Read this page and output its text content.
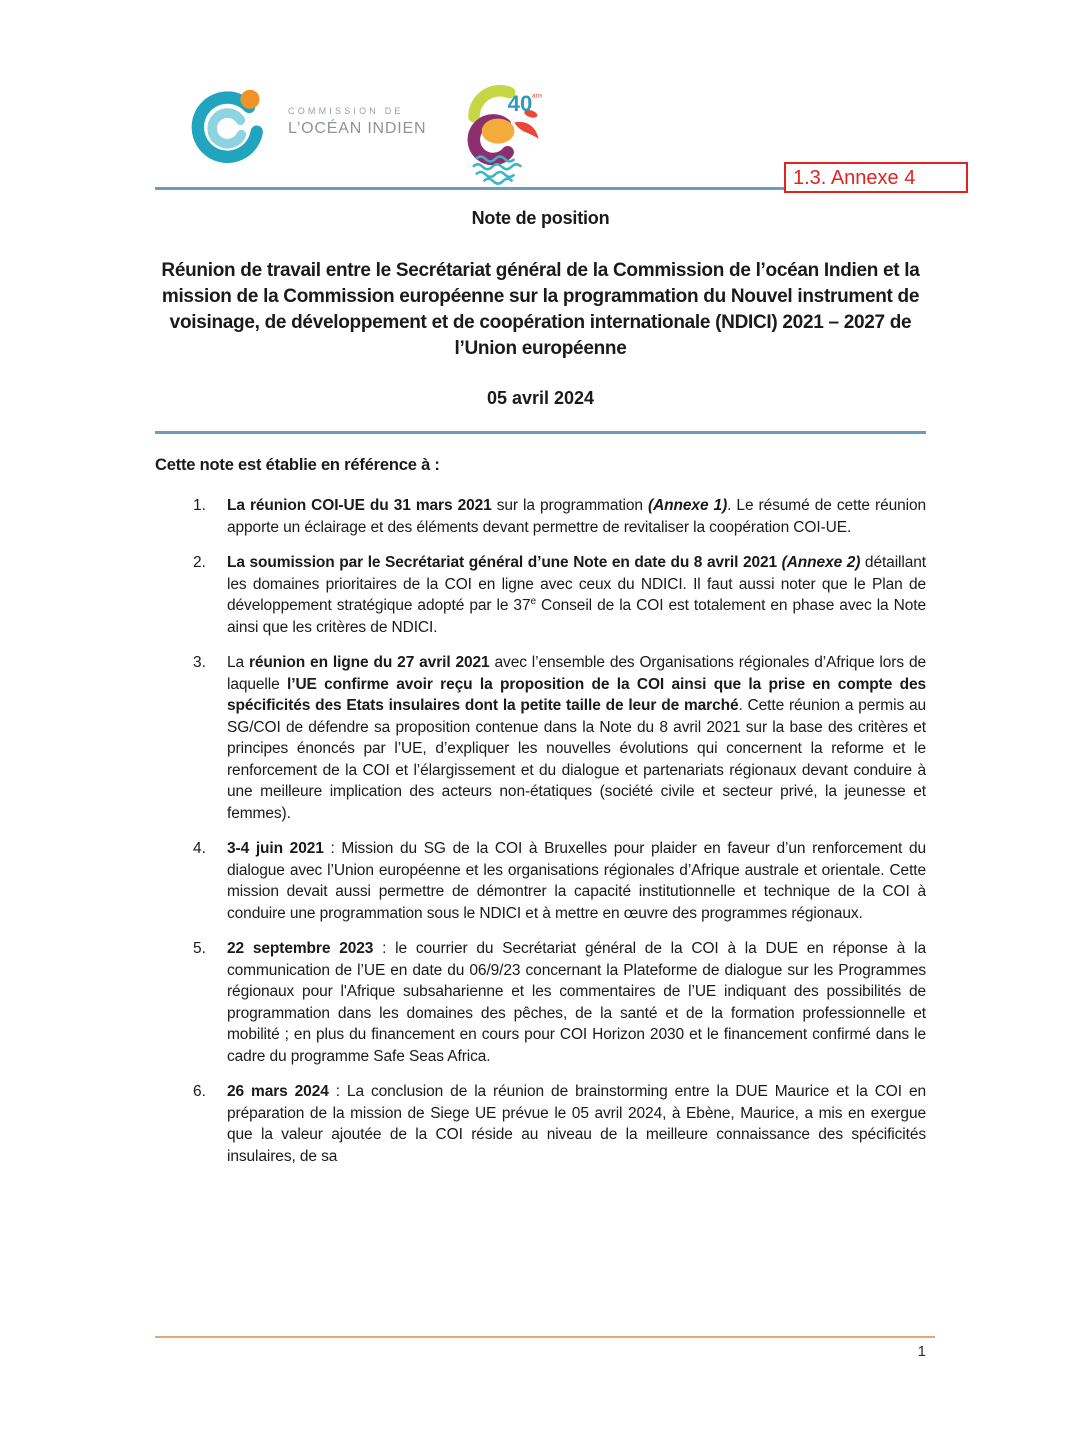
COMMISSION DE
L’OCÉAN INDIEN
40 ans
1.3. Annexe 4
Note de position

Réunion de travail entre le Secrétariat général de la Commission de l’océan Indien et la mission de la Commission européenne sur la programmation du Nouvel instrument de voisinage, de développement et de coopération internationale (NDICI) 2021 – 2027 de l’Union européenne

05 avril 2024

Cette note est établie en référence à :

1.	La réunion COI-UE du 31 mars 2021 sur la programmation (Annexe 1). Le résumé de cette réunion apporte un éclairage et des éléments devant permettre de revitaliser la coopération COI-UE.

2.	La soumission par le Secrétariat général d’une Note en date du 8 avril 2021 (Annexe 2) détaillant les domaines prioritaires de la COI en ligne avec ceux du NDICI. Il faut aussi noter que le Plan de développement stratégique adopté par le 37e Conseil de la COI est totalement en phase avec la Note ainsi que les critères de NDICI.

3.	La réunion en ligne du 27 avril 2021 avec l’ensemble des Organisations régionales d’Afrique lors de laquelle l’UE confirme avoir reçu la proposition de la COI ainsi que la prise en compte des spécificités des Etats insulaires dont la petite taille de leur de marché. Cette réunion a permis au SG/COI de défendre sa proposition contenue dans la Note du 8 avril 2021 sur la base des critères et principes énoncés par l’UE, d’expliquer les nouvelles évolutions qui concernent la reforme et le renforcement de la COI et l’élargissement et du dialogue et partenariats régionaux devant conduire à une meilleure implication des acteurs non-étatiques (société civile et secteur privé, la jeunesse et femmes).

4.	3-4 juin 2021 : Mission du SG de la COI à Bruxelles pour plaider en faveur d’un renforcement du dialogue avec l’Union européenne et les organisations régionales d’Afrique australe et orientale. Cette mission devait aussi permettre de démontrer la capacité institutionnelle et technique de la COI à conduire une programmation sous le NDICI et à mettre en œuvre des programmes régionaux.

5.	22 septembre 2023 : le courrier du Secrétariat général de la COI à la DUE en réponse à la communication de l’UE en date du 06/9/23 concernant la Plateforme de dialogue sur les Programmes régionaux pour l'Afrique subsaharienne et les commentaires de l’UE indiquant des possibilités de programmation dans les domaines des pêches, de la santé et de la formation professionnelle et mobilité ; en plus du financement en cours pour COI Horizon 2030 et le financement confirmé dans le cadre du programme Safe Seas Africa.

6.	26 mars 2024 : La conclusion de la réunion de brainstorming entre la DUE Maurice et la COI en préparation de la mission de Siege UE prévue le 05 avril 2024, à Ebène, Maurice, a mis en exergue que la valeur ajoutée de la COI réside au niveau de la meilleure connaissance des spécificités insulaires, de sa

1
